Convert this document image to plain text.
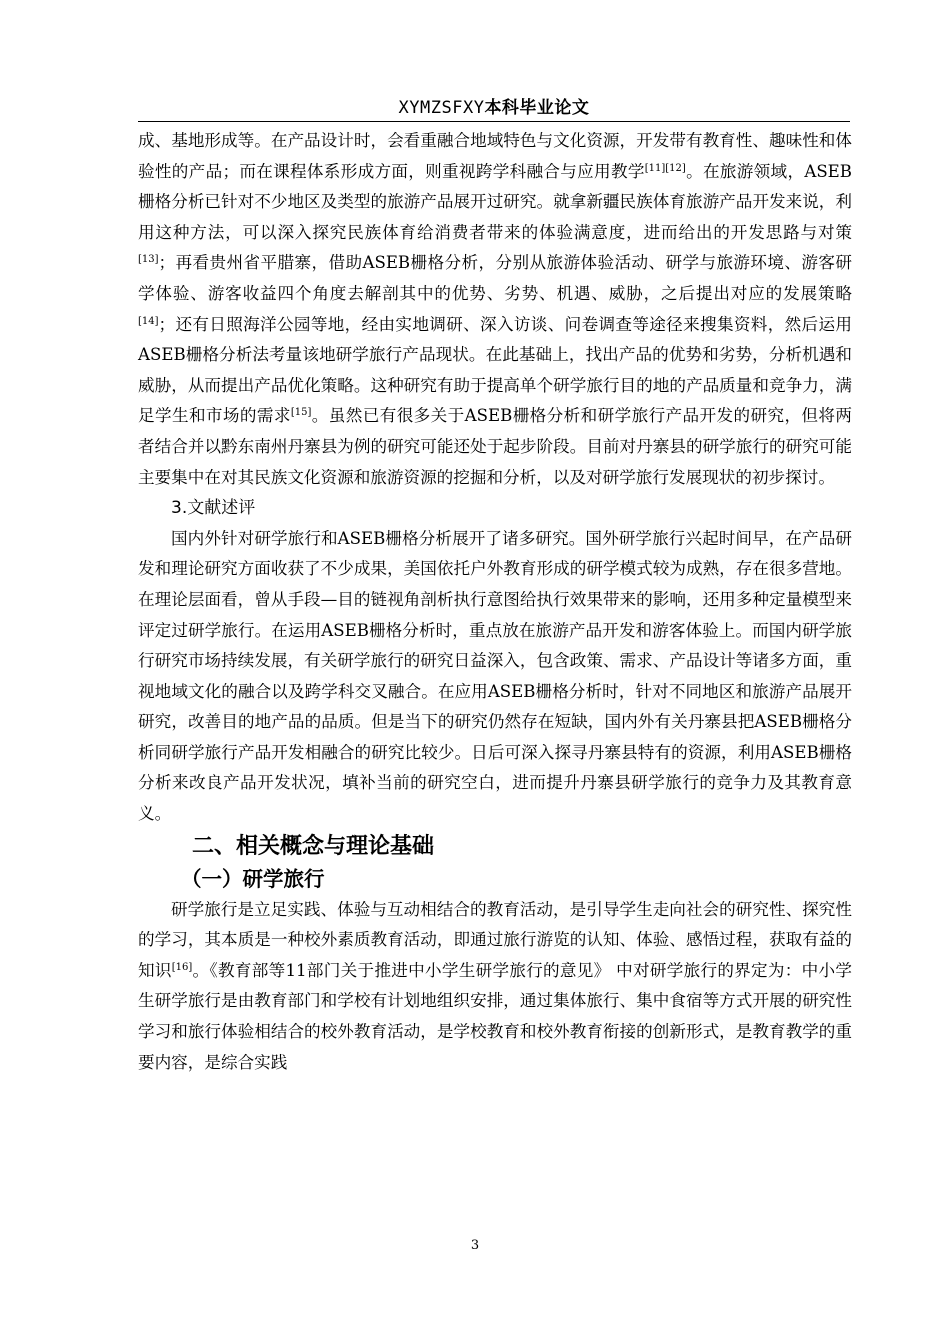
XYMZSFXY本科毕业论文

成、基地形成等。在产品设计时，会看重融合地域特色与文化资源，开发带有教育性、趣味性和体验性的产品；而在课程体系形成方面，则重视跨学科融合与应用教学[11][12]。在旅游领域，ASEB栅格分析已针对不少地区及类型的旅游产品展开过研究。就拿新疆民族体育旅游产品开发来说，利用这种方法，可以深入探究民族体育给消费者带来的体验满意度，进而给出的开发思路与对策[13]；再看贵州省平腊寨，借助ASEB栅格分析，分别从旅游体验活动、研学与旅游环境、游客研学体验、游客收益四个角度去解剖其中的优势、劣势、机遇、威胁，之后提出对应的发展策略[14]；还有日照海洋公园等地，经由实地调研、深入访谈、问卷调查等途径来搜集资料，然后运用ASEB栅格分析法考量该地研学旅行产品现状。在此基础上，找出产品的优势和劣势，分析机遇和威胁，从而提出产品优化策略。这种研究有助于提高单个研学旅行目的地的产品质量和竞争力，满足学生和市场的需求[15]。虽然已有很多关于ASEB栅格分析和研学旅行产品开发的研究，但将两者结合并以黔东南州丹寨县为例的研究可能还处于起步阶段。目前对丹寨县的研学旅行的研究可能主要集中在对其民族文化资源和旅游资源的挖掘和分析，以及对研学旅行发展现状的初步探讨。

3.文献述评

国内外针对研学旅行和ASEB栅格分析展开了诸多研究。国外研学旅行兴起时间早，在产品研发和理论研究方面收获了不少成果，美国依托户外教育形成的研学模式较为成熟，存在很多营地。在理论层面看，曾从手段—目的链视角剖析执行意图给执行效果带来的影响，还用多种定量模型来评定过研学旅行。在运用ASEB栅格分析时，重点放在旅游产品开发和游客体验上。而国内研学旅行研究市场持续发展，有关研学旅行的研究日益深入，包含政策、需求、产品设计等诸多方面，重视地域文化的融合以及跨学科交叉融合。在应用ASEB栅格分析时，针对不同地区和旅游产品展开研究，改善目的地产品的品质。但是当下的研究仍然存在短缺，国内外有关丹寨县把ASEB栅格分析同研学旅行产品开发相融合的研究比较少。日后可深入探寻丹寨县特有的资源，利用ASEB栅格分析来改良产品开发状况，填补当前的研究空白，进而提升丹寨县研学旅行的竞争力及其教育意义。

二、相关概念与理论基础

（一）研学旅行

研学旅行是立足实践、体验与互动相结合的教育活动，是引导学生走向社会的研究性、探究性的学习，其本质是一种校外素质教育活动，即通过旅行游览的认知、体验、感悟过程，获取有益的知识[16]。《教育部等11部门关于推进中小学生研学旅行的意见》 中对研学旅行的界定为：中小学生研学旅行是由教育部门和学校有计划地组织安排，通过集体旅行、集中食宿等方式开展的研究性学习和旅行体验相结合的校外教育活动，是学校教育和校外教育衔接的创新形式，是教育教学的重要内容，是综合实践

3
